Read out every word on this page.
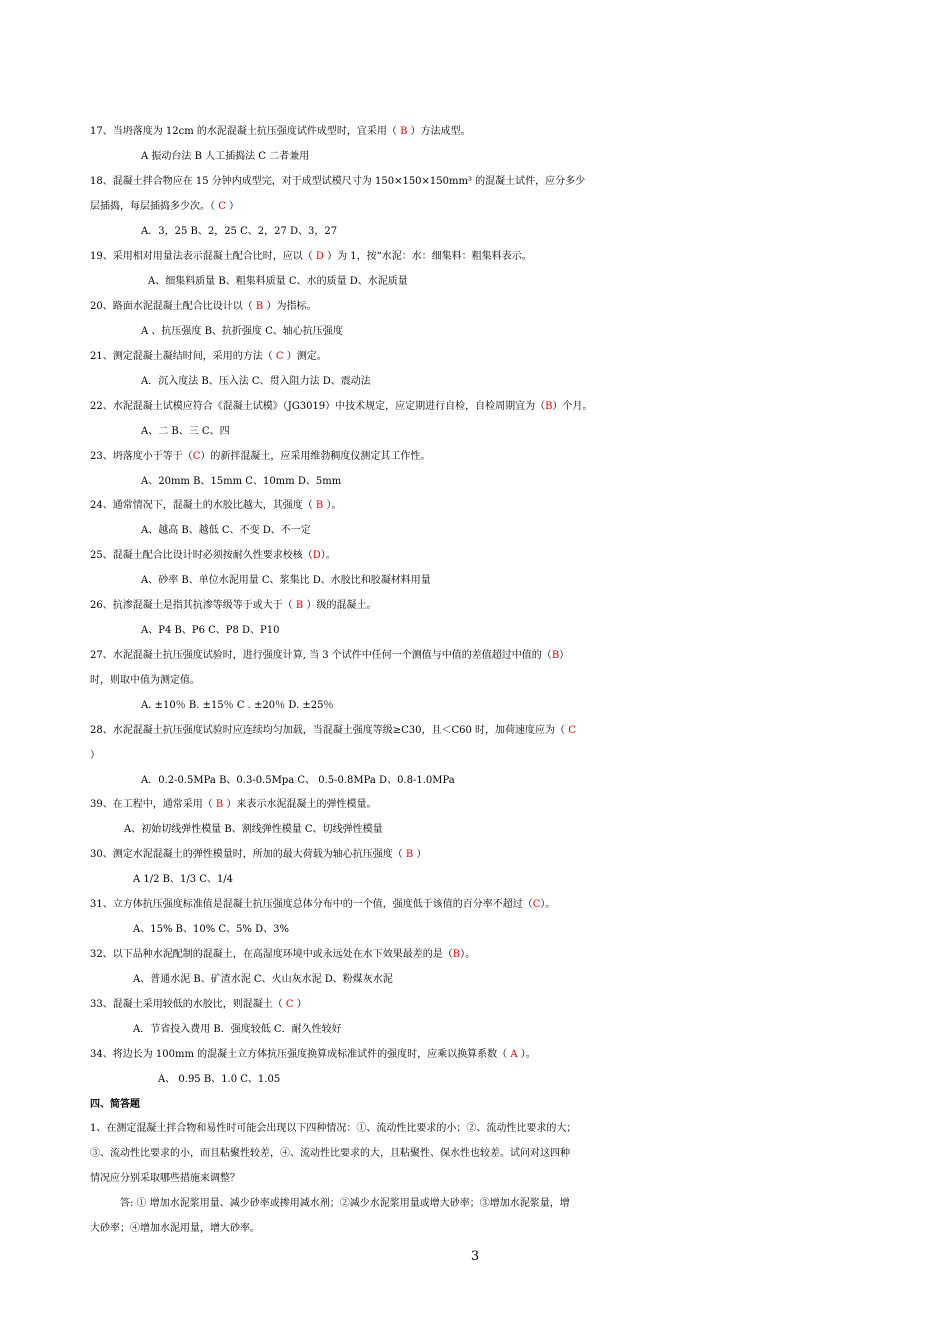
17、当坍落度为 12cm 的水泥混凝土抗压强度试件成型时，宜采用（ B ）方法成型。
A 振动台法 B 人工插捣法 C 二者兼用
18、混凝土拌合物应在 15 分钟内成型完，对于成型试模尺寸为 150×150×150mm³ 的混凝土试件，应分多少
层插捣，每层插捣多少次。（ C ）
A．3，25 B、2，25 C、2，27 D、3，27
19、采用相对用量法表示混凝土配合比时，应以（ D ）为 1，按“水泥：水：细集料：粗集料表示。
A、细集料质量 B、粗集料质量 C、水的质量 D、水泥质量
20、路面水泥混凝土配合比设计以（ B ）为指标。
A 、抗压强度 B、抗折强度 C、轴心抗压强度
21、测定混凝土凝结时间，采用的方法（ C ）测定。
A．沉入度法 B、压入法 C、贯入阻力法 D、震动法
22、水泥混凝土试模应符合《混凝土试模》（JG3019）中技术规定，应定期进行自检，自检周期宜为（B）个月。
A、二 B、三 C、四
23、坍落度小于等于（C）的新拌混凝土，应采用维勃稠度仪测定其工作性。
A、20mm B、15mm C、10mm D、5mm
24、通常情况下，混凝土的水胶比越大，其强度（ B ）。
A、越高 B、越低 C、不变 D、不一定
25、混凝土配合比设计时必须按耐久性要求校核（D）。
A、砂率 B、单位水泥用量 C、浆集比 D、水胶比和胶凝材料用量
26、抗渗混凝土是指其抗渗等级等于或大于（ B ）级的混凝土。
A、P4 B、P6 C、P8 D、P10
27、水泥混凝土抗压强度试验时，进行强度计算, 当 3 个试件中任何一个测值与中值的差值超过中值的（B）
时，则取中值为测定值。
A. ±10％ B. ±15％ C . ±20％ D. ±25％
28、水泥混凝土抗压强度试验时应连续均匀加载，当混凝土强度等级≥C30，且＜C60 时，加荷速度应为（ C
）
A．0.2-0.5MPa B、0.3-0.5Mpa C、 0.5-0.8MPa D、0.8-1.0MPa
39、在工程中，通常采用（ B ）来表示水泥混凝土的弹性模量。
A、初始切线弹性模量 B、割线弹性模量 C、切线弹性模量
30、测定水泥混凝土的弹性模量时，所加的最大荷载为轴心抗压强度（ B ）
A 1/2 B、1/3 C、1/4
31、立方体抗压强度标准值是混凝土抗压强度总体分布中的一个值，强度低于该值的百分率不超过（C）。
A、15% B、10% C、5% D、3%
32、以下品种水泥配制的混凝土，在高湿度环境中或永远处在水下效果最差的是（B）。
A、普通水泥 B、矿渣水泥 C、火山灰水泥 D、粉煤灰水泥
33、混凝土采用较低的水胶比，则混凝土（ C ）
A．节省投入费用 B．强度较低 C．耐久性较好
34、将边长为 100mm 的混凝土立方体抗压强度换算成标准试件的强度时，应乘以换算系数（ A ）。
A、 0.95 B、1.0 C、1.05
四、简答题
1、在测定混凝土拌合物和易性时可能会出现以下四种情况：①、流动性比要求的小；②、流动性比要求的大；
③、流动性比要求的小，而且粘聚性较差，④、流动性比要求的大，且粘聚性、保水性也较差。试问对这四种
情况应分别采取哪些措施来调整？
答: ① 增加水泥浆用量、减少砂率或掺用减水剂；②减少水泥浆用量或增大砂率；③增加水泥浆量，增
大砂率；④增加水泥用量，增大砂率。
3
